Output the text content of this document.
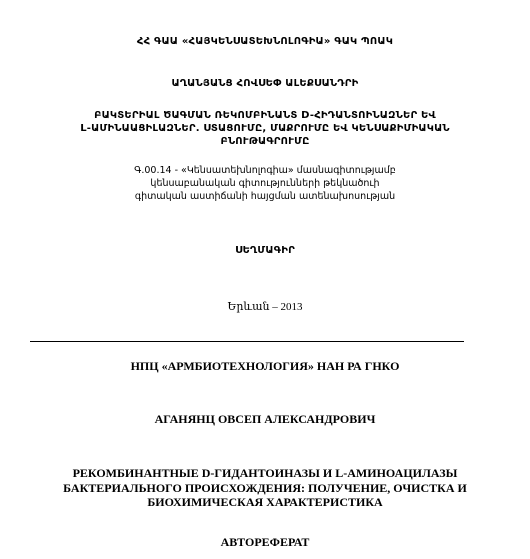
ՀՀ ԳԱԱ «ՀԱՅԿԵՆՍԱՏԵԽՆՈԼՈԳԻԱ» ԳԱԿ ՊՈԱԿ
ԱՂԱՆՅԱՆՑ ՀՈՎՍԵՓ ԱԼԵՔՍԱՆԴՐԻ
ԲԱԿՏԵՐԻԱԼ ԾԱԳՄԱՆ ՌԵԿՈՄԲԻՆԱՆՏ D-ՀԻԴԱՆՏՈԻՆԱԶՆԵՐ ԵՎ
L-ԱՄԻՆԱԱՑԻԼԱԶՆԵՐ. ՍՏԱՑՈՒՄԸ, ՄԱՔՐՈՒՄԸ ԵՎ ԿԵՆՍԱՔԻՄԻԱԿԱՆ
ԲՆՈՒԹԱԳՐՈՒՄԸ
Գ.00.14 - «Կենսատեխնոլոգիա» մասնագիտությամբ
կենսաբանական գիտությունների թեկնածուի
գիտական աստիճանի հայցման ատենախոսության
ՍԵՂՄԱԳԻՐ
Երևան – 2013
НПЦ «АРМБИОТЕХНОЛОГИЯ» НАН РА ГНКО
АГАНЯНЦ ОВСЕП АЛЕКСАНДРОВИЧ
РЕКОМБИНАНТНЫЕ D-ГИДАНТОИНАЗЫ И L-АМИНОАЦИЛАЗЫ
БАКТЕРИАЛЬНОГО ПРОИСХОЖДЕНИЯ: ПОЛУЧЕНИЕ, ОЧИСТКА И
БИОХИМИЧЕСКАЯ ХАРАКТЕРИСТИКА
АВТОРЕФЕРАТ
